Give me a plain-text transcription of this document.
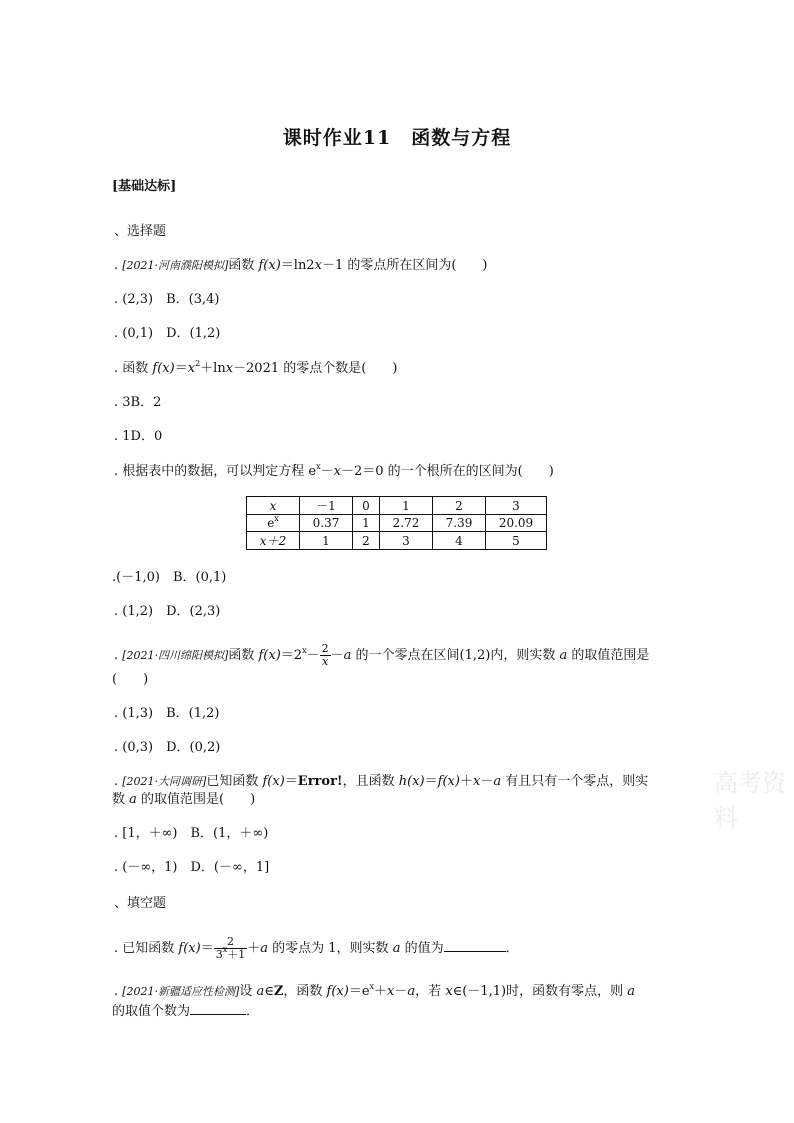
课时作业11　函数与方程
[基础达标]
、选择题
. [2021·河南濮阳模拟]函数 f(x)＝ln2x－1 的零点所在区间为(　　)
. (2,3)　B．(3,4)
. (0,1)　D．(1,2)
. 函数 $f(x)=x^2+\ln x-2021$ 的零点个数是(　　)
. 3B．2
. 1D．0
. 根据表中的数据，可以判定方程 $e^x-x-2=0$ 的一个根所在的区间为(　　)
x	－1	0	1	2	3
$e^x$	0.37	1	2.72	7.39	20.09
x＋2	1	2	3	4	5
.(－1,0)　B．(0,1)
. (1,2)　D．(2,3)
. [2021·四川绵阳模拟]函数 $f(x)=2^x- \frac{2}{x} -a$ 的一个零点在区间(1,2)内，则实数 a 的取值范围是
(　　)
. (1,3)　B．(1,2)
. (0,3)　D．(0,2)
. [2021·大同调研]已知函数 f(x)＝Error!，且函数 h(x)＝f(x)＋x－a 有且只有一个零点，则实
数 a 的取值范围是(　　)
. [1，＋∞)　B．(1，＋∞)
. (－∞，1)　D．(－∞，1]
、填空题
. 已知函数 $f(x)= \frac{2}{3^x+1} +a$ 的零点为 1，则实数 a 的值为	．
. [2021·新疆适应性检测]设 a∈Z，函数 $f(x)=e^x+x-a$，若 x∈(－1,1)时，函数有零点，则 a
的取值个数为	．
高考资料
